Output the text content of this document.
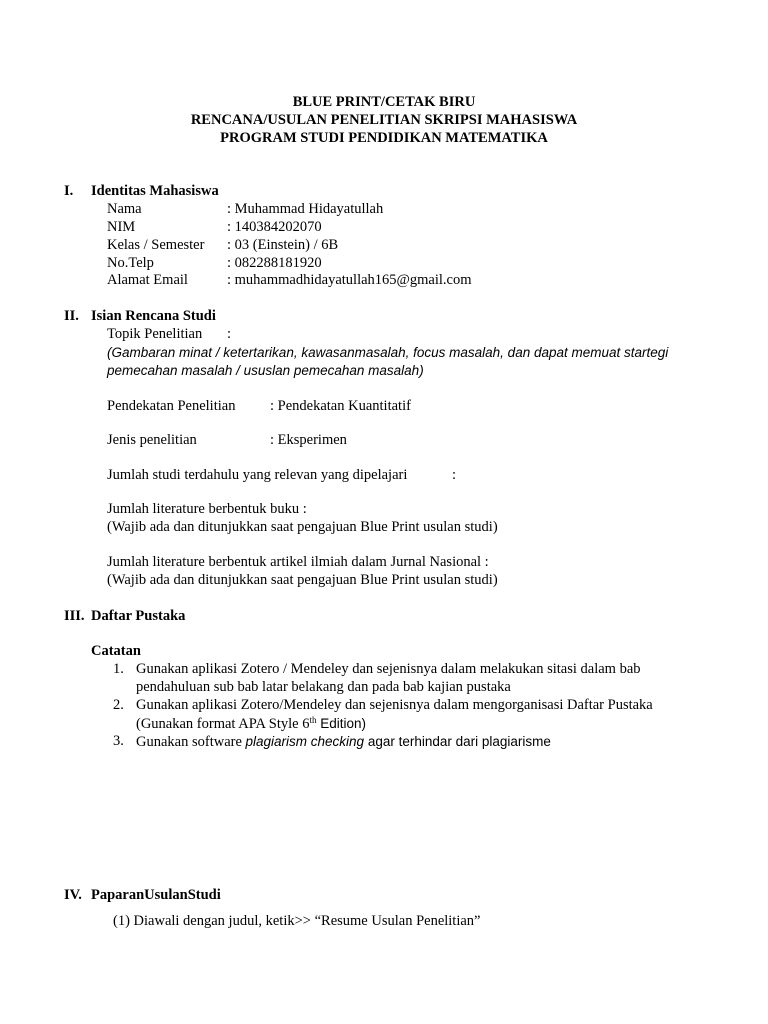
BLUE PRINT/CETAK BIRU
RENCANA/USULAN PENELITIAN SKRIPSI MAHASISWA
PROGRAM STUDI PENDIDIKAN MATEMATIKA
I. Identitas Mahasiswa
Nama	: Muhammad Hidayatullah
NIM	: 140384202070
Kelas / Semester : 03 (Einstein) / 6B
No.Telp	: 082288181920
Alamat Email	: muhammadhidayatullah165@gmail.com
II. Isian Rencana Studi
Topik Penelitian :
(Gambaran minat / ketertarikan, kawasanmasalah, focus masalah, dan dapat memuat startegi
pemecahan masalah / ususlan pemecahan masalah)
Pendekatan Penelitian : Pendekatan Kuantitatif
Jenis penelitian	: Eksperimen
Jumlah studi terdahulu yang relevan yang dipelajari	:
Jumlah literature berbentuk buku :
(Wajib ada dan ditunjukkan saat pengajuan Blue Print usulan studi)
Jumlah literature berbentuk artikel ilmiah dalam Jurnal Nasional :
(Wajib ada dan ditunjukkan saat pengajuan Blue Print usulan studi)
III. Daftar Pustaka
Catatan
1. Gunakan aplikasi Zotero / Mendeley dan sejenisnya dalam melakukan sitasi dalam bab
pendahuluan sub bab latar belakang dan pada bab kajian pustaka
2. Gunakan aplikasi Zotero/Mendeley dan sejenisnya dalam mengorganisasi Daftar Pustaka
(Gunakan format APA Style 6th Edition)
3. Gunakan software plagiarism checking agar terhindar dari plagiarisme
IV. PaparanUsulanStudi
(1) Diawali dengan judul, ketik>> “Resume Usulan Penelitian”
